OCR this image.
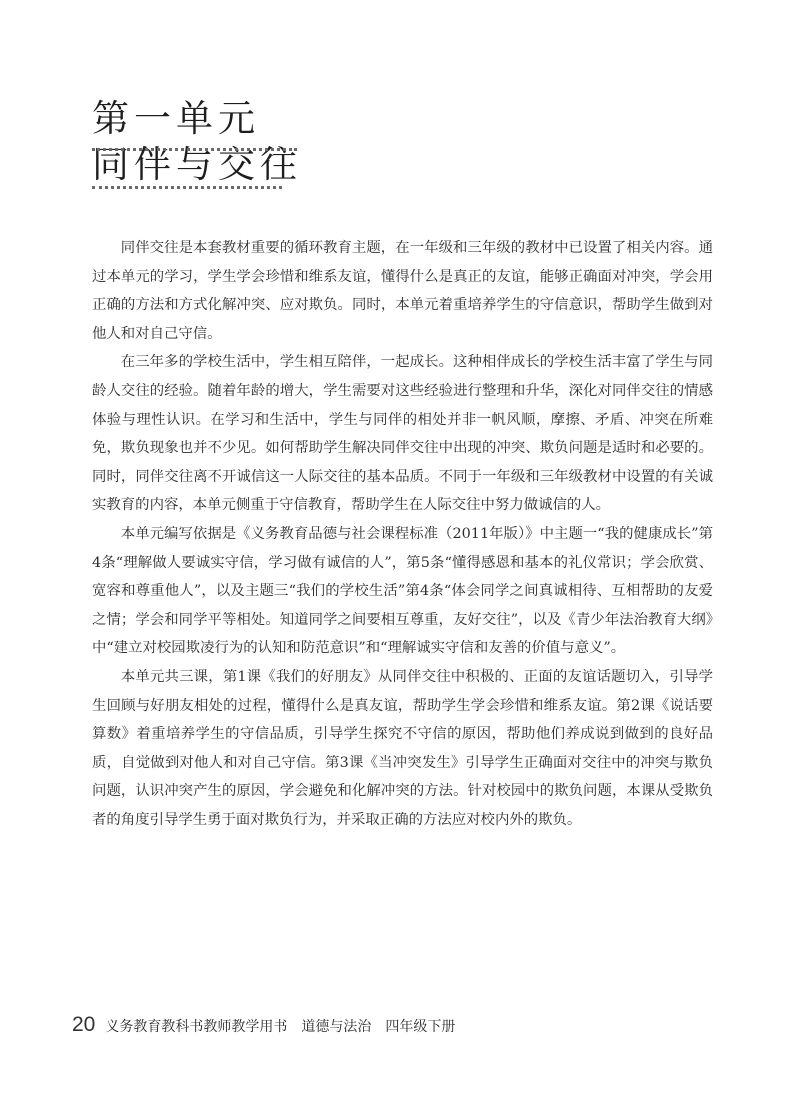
第一单元
同伴与交往

同伴交往是本套教材重要的循环教育主题，在一年级和三年级的教材中已设置了相关内容。通过本单元的学习，学生学会珍惜和维系友谊，懂得什么是真正的友谊，能够正确面对冲突，学会用正确的方法和方式化解冲突、应对欺负。同时，本单元着重培养学生的守信意识，帮助学生做到对他人和对自己守信。

在三年多的学校生活中，学生相互陪伴，一起成长。这种相伴成长的学校生活丰富了学生与同龄人交往的经验。随着年龄的增大，学生需要对这些经验进行整理和升华，深化对同伴交往的情感体验与理性认识。在学习和生活中，学生与同伴的相处并非一帆风顺，摩擦、矛盾、冲突在所难免，欺负现象也并不少见。如何帮助学生解决同伴交往中出现的冲突、欺负问题是适时和必要的。同时，同伴交往离不开诚信这一人际交往的基本品质。不同于一年级和三年级教材中设置的有关诚实教育的内容，本单元侧重于守信教育，帮助学生在人际交往中努力做诚信的人。

本单元编写依据是《义务教育品德与社会课程标准（2011年版）》中主题一“我的健康成长”第4条“理解做人要诚实守信，学习做有诚信的人”，第5条“懂得感恩和基本的礼仪常识；学会欣赏、宽容和尊重他人”，以及主题三“我们的学校生活”第4条“体会同学之间真诚相待、互相帮助的友爱之情；学会和同学平等相处。知道同学之间要相互尊重，友好交往”，以及《青少年法治教育大纲》中“建立对校园欺凌行为的认知和防范意识”和“理解诚实守信和友善的价值与意义”。

本单元共三课，第1课《我们的好朋友》从同伴交往中积极的、正面的友谊话题切入，引导学生回顾与好朋友相处的过程，懂得什么是真友谊，帮助学生学会珍惜和维系友谊。第2课《说话要算数》着重培养学生的守信品质，引导学生探究不守信的原因，帮助他们养成说到做到的良好品质，自觉做到对他人和对自己守信。第3课《当冲突发生》引导学生正确面对交往中的冲突与欺负问题，认识冲突产生的原因，学会避免和化解冲突的方法。针对校园中的欺负问题，本课从受欺负者的角度引导学生勇于面对欺负行为，并采取正确的方法应对校内外的欺负。

20 义务教育教科书教师教学用书　道德与法治　四年级下册
